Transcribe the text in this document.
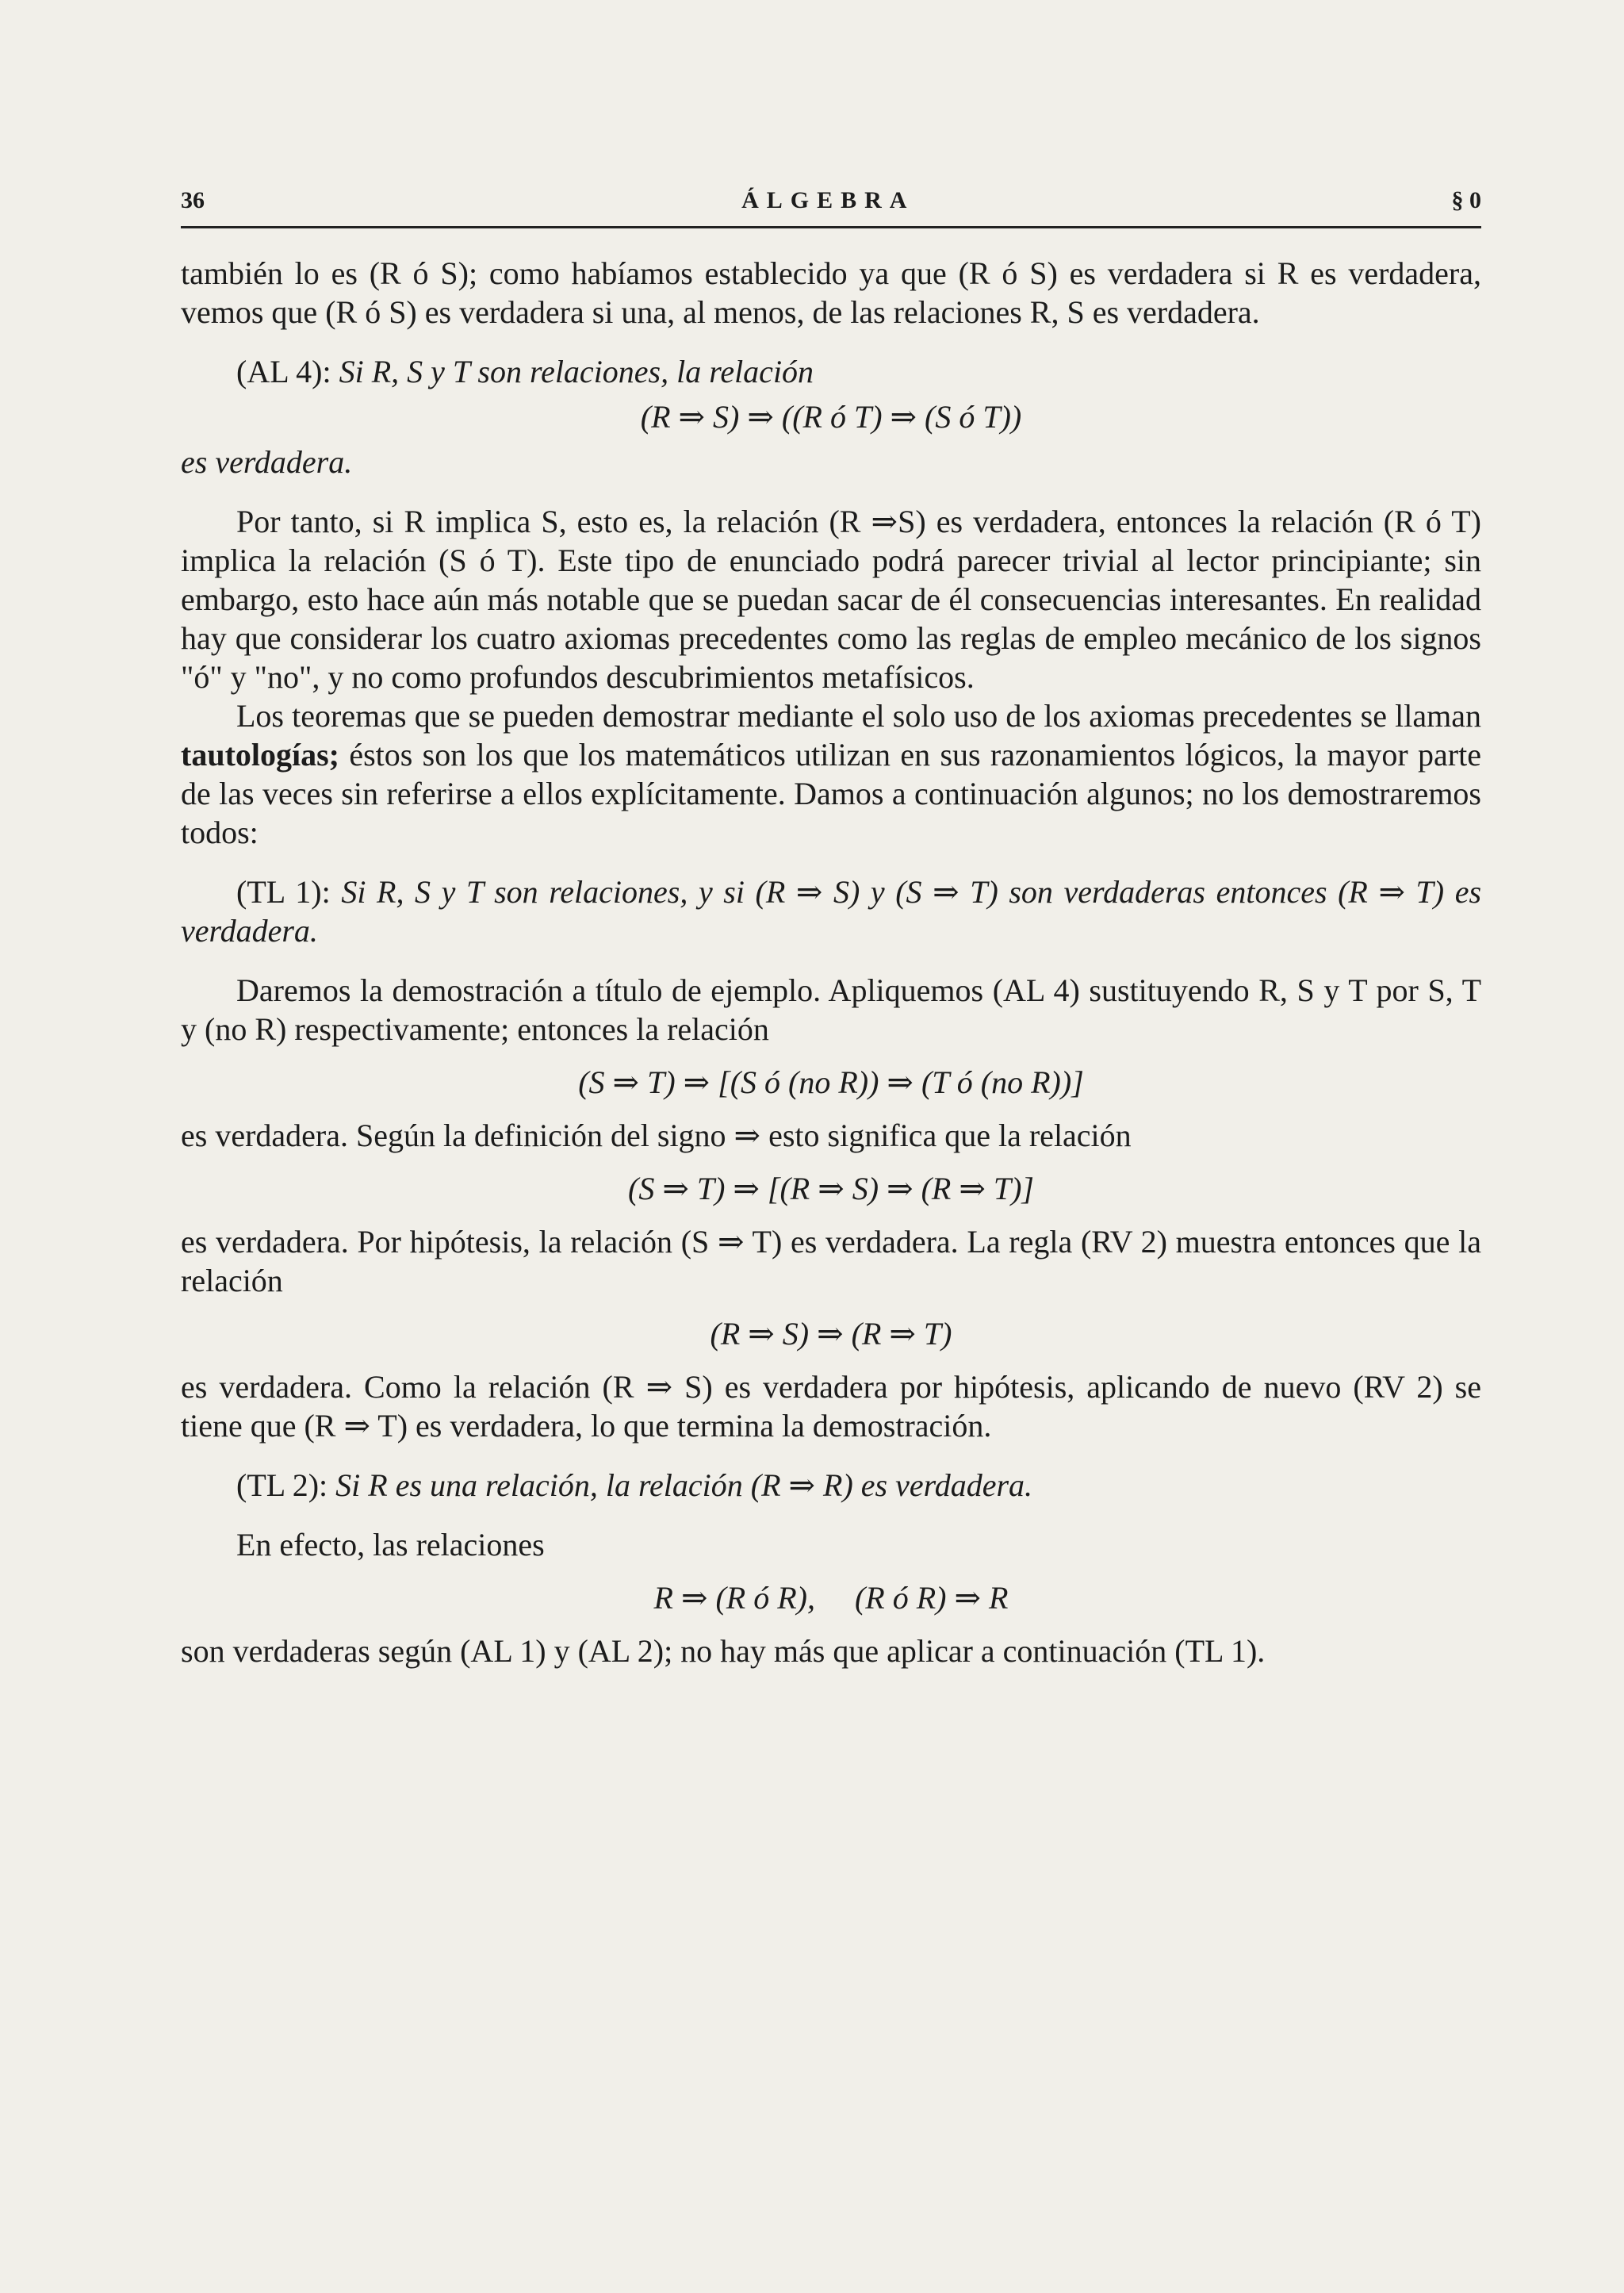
36	ÁLGEBRA	§ 0

también lo es (R ó S); como habíamos establecido ya que (R ó S) es verdadera si R es verdadera, vemos que (R ó S) es verdadera si una, al menos, de las relaciones R, S es verdadera.

(AL 4): Si R, S y T son relaciones, la relación

(R ⇒ S) ⇒ ((R ó T) ⇒ (S ó T))

es verdadera.

Por tanto, si R implica S, esto es, la relación (R ⇒S) es verdadera, entonces la relación (R ó T) implica la relación (S ó T). Este tipo de enunciado podrá parecer trivial al lector principiante; sin embargo, esto hace aún más notable que se puedan sacar de él consecuencias interesantes. En realidad hay que considerar los cuatro axiomas precedentes como las reglas de empleo mecánico de los signos "ó" y "no", y no como profundos descubrimientos metafísicos.

Los teoremas que se pueden demostrar mediante el solo uso de los axiomas precedentes se llaman tautologías; éstos son los que los matemáticos utilizan en sus razonamientos lógicos, la mayor parte de las veces sin referirse a ellos explícitamente. Damos a continuación algunos; no los demostraremos todos:

(TL 1): Si R, S y T son relaciones, y si (R ⇒ S) y (S ⇒ T) son verdaderas entonces (R ⇒ T) es verdadera.

Daremos la demostración a título de ejemplo. Apliquemos (AL 4) sustituyendo R, S y T por S, T y (no R) respectivamente; entonces la relación

(S ⇒ T) ⇒ [(S ó (no R)) ⇒ (T ó (no R))]

es verdadera. Según la definición del signo ⇒ esto significa que la relación

(S ⇒ T) ⇒ [(R ⇒ S) ⇒ (R ⇒ T)]

es verdadera. Por hipótesis, la relación (S ⇒ T) es verdadera. La regla (RV 2) muestra entonces que la relación

(R ⇒ S) ⇒ (R ⇒ T)

es verdadera. Como la relación (R ⇒ S) es verdadera por hipótesis, aplicando de nuevo (RV 2) se tiene que (R ⇒ T) es verdadera, lo que termina la demostración.

(TL 2): Si R es una relación, la relación (R ⇒ R) es verdadera.

En efecto, las relaciones

R ⇒ (R ó R),     (R ó R) ⇒ R

son verdaderas según (AL 1) y (AL 2); no hay más que aplicar a continuación (TL 1).
